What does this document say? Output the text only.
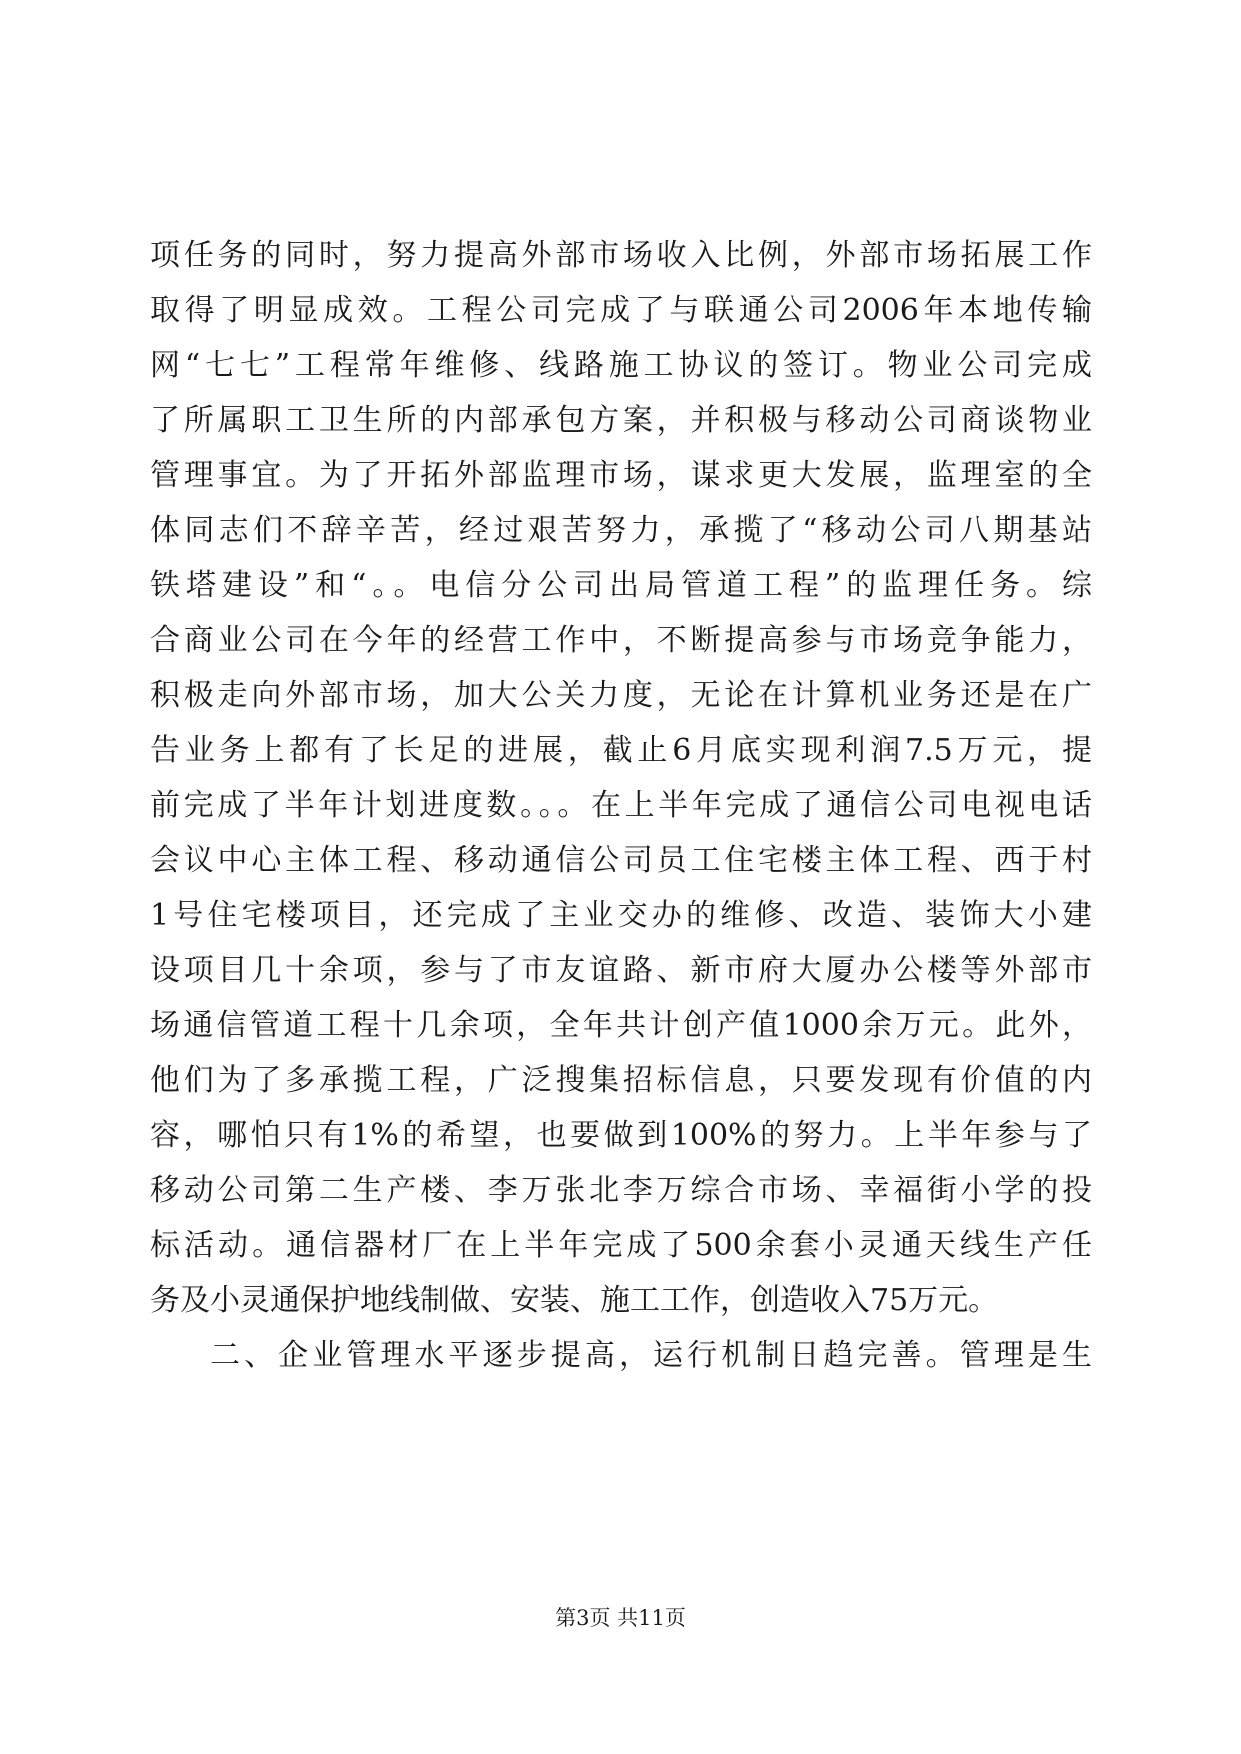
项任务的同时，努力提高外部市场收入比例，外部市场拓展工作
取得了明显成效。工程公司完成了与联通公司2006年本地传输
网“七七”工程常年维修、线路施工协议的签订。物业公司完成
了所属职工卫生所的内部承包方案，并积极与移动公司商谈物业
管理事宜。为了开拓外部监理市场，谋求更大发展，监理室的全
体同志们不辞辛苦，经过艰苦努力，承揽了“移动公司八期基站
铁塔建设”和“。。电信分公司出局管道工程”的监理任务。综
合商业公司在今年的经营工作中，不断提高参与市场竞争能力，
积极走向外部市场，加大公关力度，无论在计算机业务还是在广
告业务上都有了长足的进展，截止6月底实现利润7.5万元，提
前完成了半年计划进度数。。。在上半年完成了通信公司电视电话
会议中心主体工程、移动通信公司员工住宅楼主体工程、西于村
1号住宅楼项目，还完成了主业交办的维修、改造、装饰大小建
设项目几十余项，参与了市友谊路、新市府大厦办公楼等外部市
场通信管道工程十几余项，全年共计创产值1000余万元。此外，
他们为了多承揽工程，广泛搜集招标信息，只要发现有价值的内
容，哪怕只有1%的希望，也要做到100%的努力。上半年参与了
移动公司第二生产楼、李万张北李万综合市场、幸福街小学的投
标活动。通信器材厂在上半年完成了500余套小灵通天线生产任
务及小灵通保护地线制做、安装、施工工作，创造收入75万元。
二、企业管理水平逐步提高，运行机制日趋完善。管理是生
第3页 共11页
